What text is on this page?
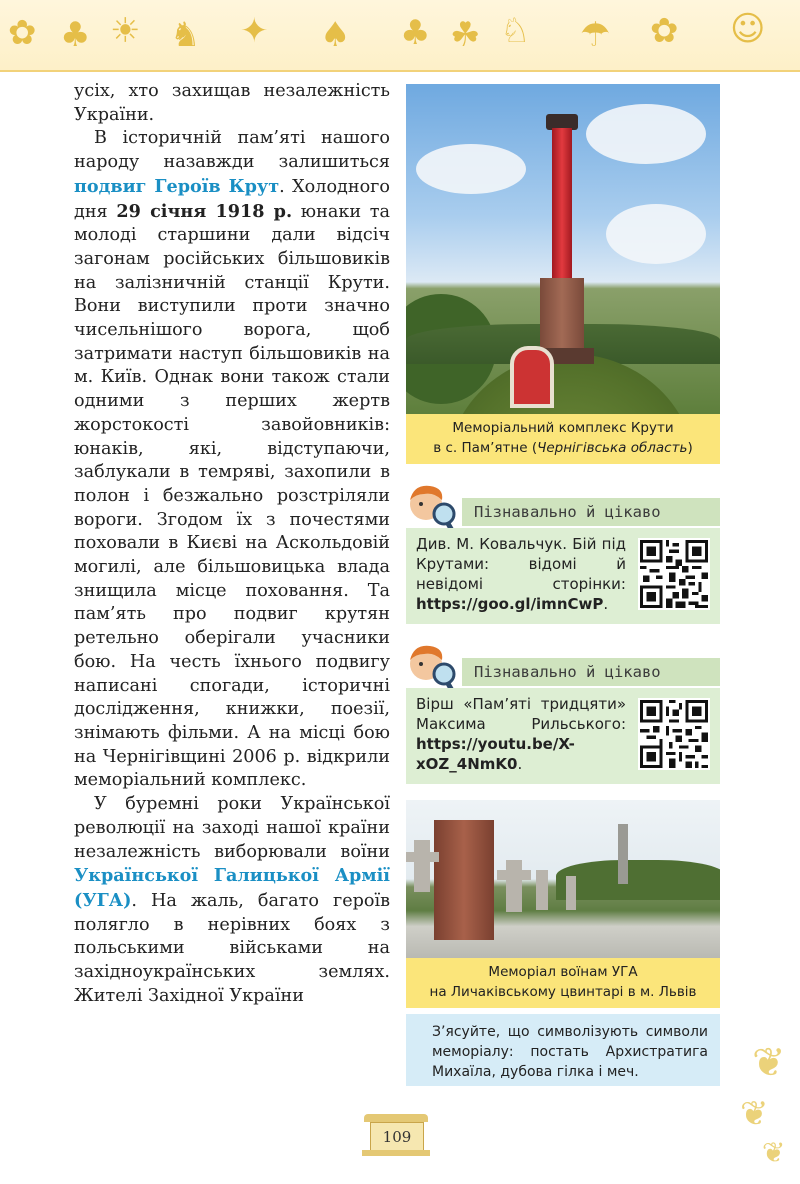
✿ ♣ ☀ ♞ ✦ ♠ ♣ ☘ ♘ ☂ ✿ ☺

усіх, хто захищав незалежність України.

В історичній пам’яті нашого народу назавжди залишиться подвиг Героїв Крут. Холодного дня 29 січня 1918 р. юнаки та молоді старшини дали відсіч загонам російських більшовиків на залізничній станції Крути. Вони виступили проти значно чисельнішого ворога, щоб затримати наступ більшовиків на м. Київ. Однак вони також стали одними з перших жертв жорстокості завойовників: юнаків, які, відступаючи, заблукали в темряві, захопили в полон і безжально розстріляли вороги. Згодом їх з почестями поховали в Києві на Аскольдовій могилі, але більшовицька влада знищила місце поховання. Та пам’ять про подвиг крутян ретельно оберігали учасники бою. На честь їхнього подвигу написані спогади, історичні дослідження, книжки, поезії, знімають фільми. А на місці бою на Чернігівщині 2006 р. відкрили меморіальний комплекс.

У буремні роки Української революції на заході нашої країни незалежність виборювали воїни Української Галицької Армії (УГА). На жаль, багато героїв полягло в нерівних боях з польськими військами на західноукраїнських землях. Жителі Західної України

Меморіальний комплекс Крути
в с. Пам’ятне (Чернігівська область)
Пізнавально й цікаво
Див. М. Ковальчук. Бій під Крутами: відомі й невідомі сторінки: https://goo.gl/imnCwP.
Пізнавально й цікаво
Вірш «Пам’яті тридцяти» Максима Рильського: https://youtu.be/X-xOZ_4NmK0.
Меморіал воїнам УГА
на Личаківському цвинтарі в м. Львів
З’ясуйте, що символізують символи меморіалу: постать Архистратига Михаїла, дубова гілка і меч.	❦
❦
❦
109
